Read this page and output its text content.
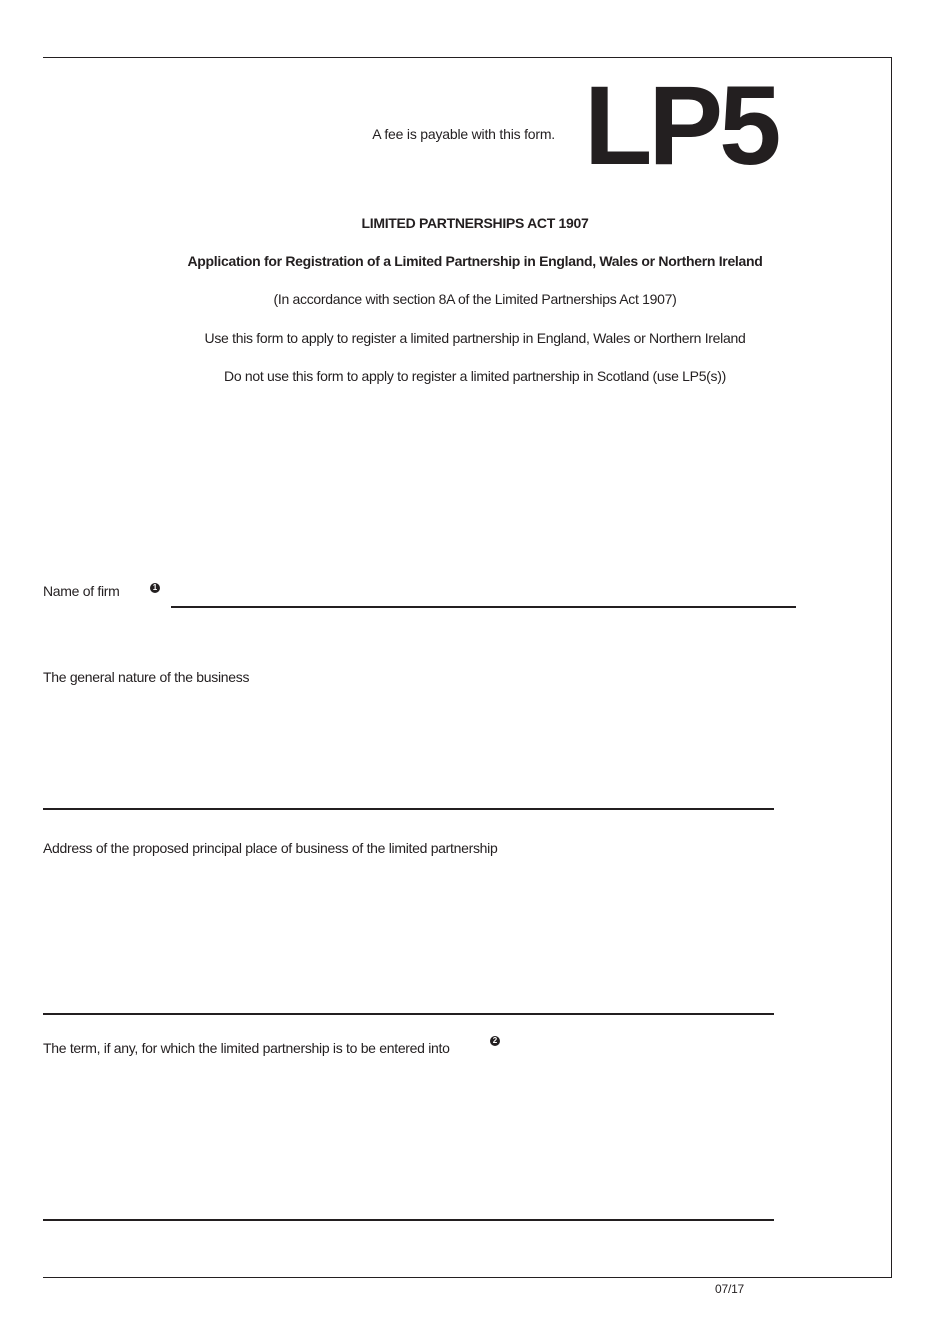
A fee is payable with this form. LP5
LIMITED PARTNERSHIPS ACT 1907
Application for Registration of a Limited Partnership in England, Wales or Northern Ireland
(In accordance with section 8A of the Limited Partnerships Act 1907)
Use this form to apply to register a limited partnership in England, Wales or Northern Ireland
Do not use this form to apply to register a limited partnership in Scotland (use LP5(s))
Name of firm	1
The general nature of the business
Address of the proposed principal place of business of the limited partnership
The term, if any, for which the limited partnership is to be entered into	2
07/17
